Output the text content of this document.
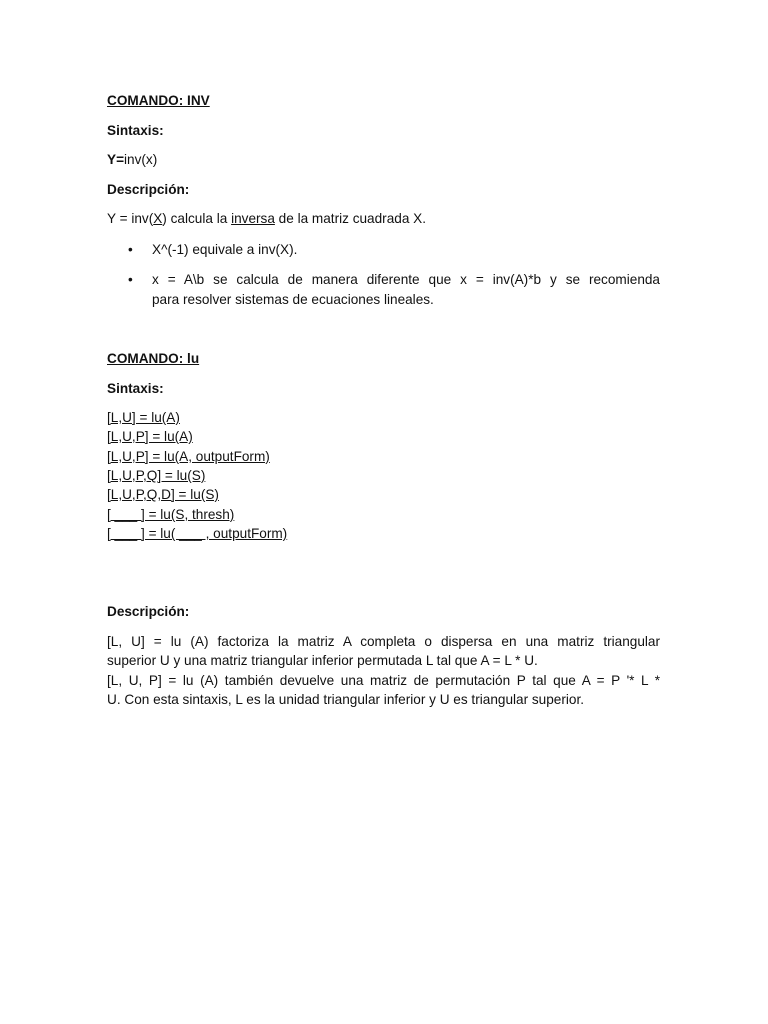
COMANDO: INV
Sintaxis:
Y=inv(x)
Descripción:
Y = inv(X) calcula la inversa de la matriz cuadrada X.
• X^(-1) equivale a inv(X).
• x = A\b se calcula de manera diferente que x = inv(A)*b y se recomienda
para resolver sistemas de ecuaciones lineales.
COMANDO: lu
Sintaxis:
[L,U] = lu(A)
[L,U,P] = lu(A)
[L,U,P] = lu(A, outputForm)
[L,U,P,Q] = lu(S)
[L,U,P,Q,D] = lu(S)
[ ___ ] = lu(S, thresh)
[ ___ ] = lu( ___ , outputForm)
Descripción:
[L, U] = lu (A) factoriza la matriz A completa o dispersa en una matriz triangular
superior U y una matriz triangular inferior permutada L tal que A = L * U.
[L, U, P] = lu (A) también devuelve una matriz de permutación P tal que A = P '* L *
U. Con esta sintaxis, L es la unidad triangular inferior y U es triangular superior.
